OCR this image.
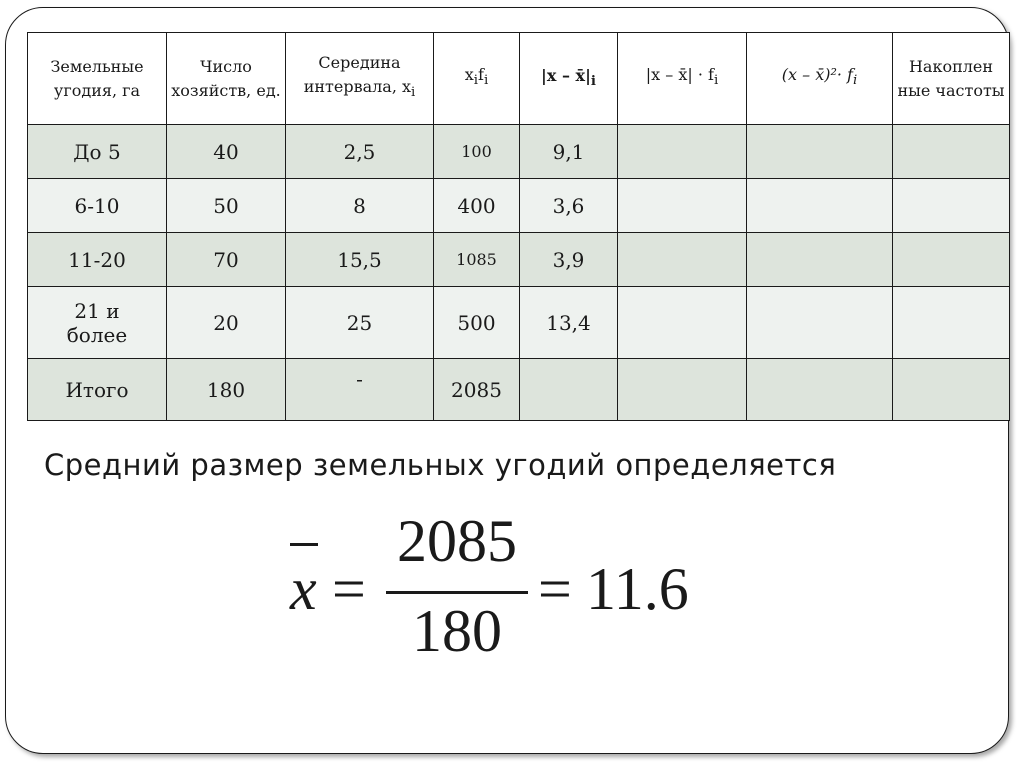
Земельные угодия, га	Число хозяйств, ед.	Середина интервала, $x_i$	$x_if_i$	$|x - x̄|_i$	|x – x̄| · $f_i$	(x – x̄)²· $f_i$	Накоплен ные частоты
До 5	40	2,5	100	9,1			
6-10	50	8	400	3,6			
11-20	70	15,5	1085	3,9			
21 и более	20	25	500	13,4			
Итого	180	-	2085				
Средний размер земельных угодий определяется
x =
2085
180
= 11.6
